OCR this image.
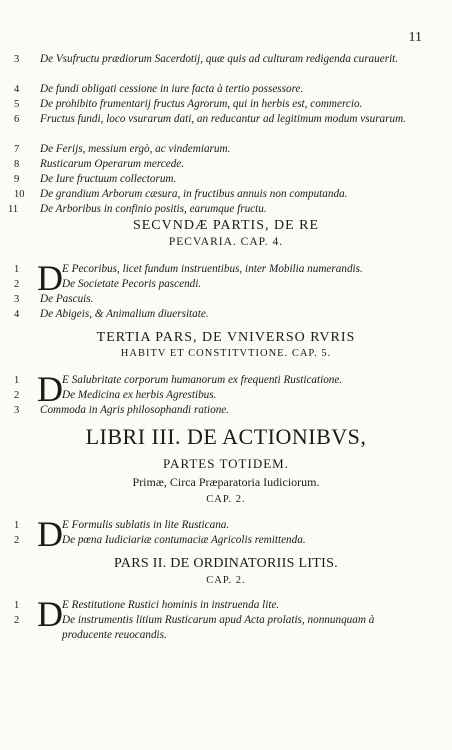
11
3 De Vsufructu prædiorum Sacerdotij, quæ quis ad culturam redigenda curauerit.
4 De fundi obligati cessione in iure facta à tertio possessore.
5 De prohibito frumentarij fructus Agrorum, qui in herbis est, commercio.
6 Fructus fundi, loco vsurarum dati, an reducantur ad legitimum modum vsurarum.
7 De Ferijs, messium ergò, ac vindemiarum.
8 Rusticarum Operarum mercede.
9 De Iure fructuum collectorum.
10 De grandium Arborum cæsura, in fructibus annuis non computanda.
11 De Arboribus in confinio positis, earumque fructu.
SECVNDÆ PARTIS, DE RE
PECVARIA. CAP. 4.
D
1	E Pecoribus, licet fundum instruentibus, inter Mobilia numerandis.
2	De Societate Pecoris pascendi.
3 De Pascuis.
4 De Abigeis, & Animalium diuersitate.
TERTIA PARS, DE VNIVERSO RVRIS
HABITV ET CONSTITVTIONE. CAP. 5.
D
1	E Salubritate corporum humanorum ex frequenti Rusticatione.
2	De Medicina ex herbis Agrestibus.
3 Commoda in Agris philosophandi ratione.
LIBRI III. DE ACTIONIBVS,
PARTES TOTIDEM.
Primæ, Circa Præparatoria Iudiciorum.
CAP. 2.
D
1	E Formulis sublatis in lite Rusticana.
2	De pœna Iudiciariæ contumaciæ Agricolis remittenda.
PARS II. DE ORDINATORIIS LITIS.
CAP. 2.
D
1	E Restitutione Rustici hominis in instruenda lite.
2	De instrumentis litium Rusticarum apud Acta prolatis, nonnunquam à producente reuocandis.
